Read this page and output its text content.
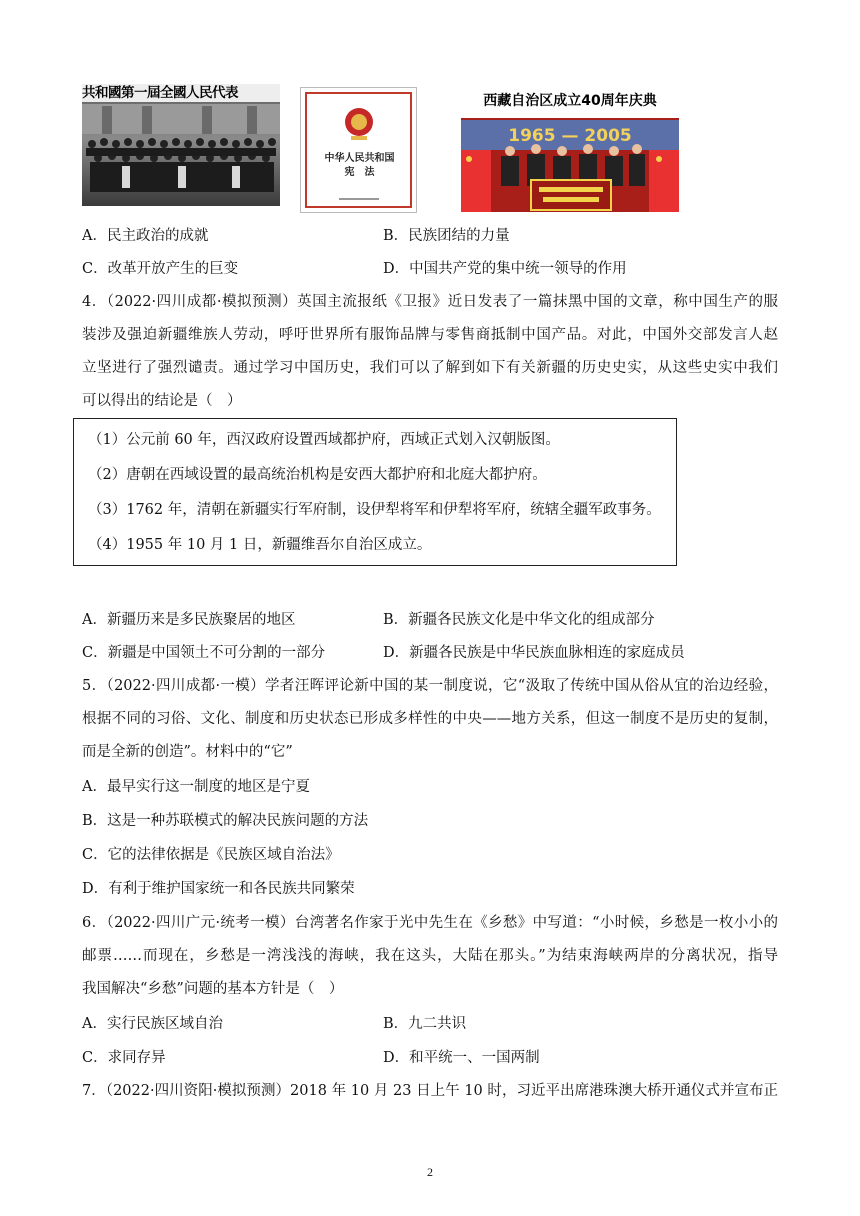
共和國第一屆全國人民代表
中华人民共和国
宪　法
西藏自治区成立40周年庆典
1965 — 2005
A．民主政治的成就	B．民族团结的力量
C．改革开放产生的巨变	D．中国共产党的集中统一领导的作用
4．（2022·四川成都·模拟预测）英国主流报纸《卫报》近日发表了一篇抹黑中国的文章，称中国生产的服
装涉及强迫新疆维族人劳动，呼吁世界所有服饰品牌与零售商抵制中国产品。对此，中国外交部发言人赵
立坚进行了强烈谴责。通过学习中国历史，我们可以了解到如下有关新疆的历史史实，从这些史实中我们
可以得出的结论是（　）
（1）公元前 60 年，西汉政府设置西域都护府，西域正式划入汉朝版图。
（2）唐朝在西域设置的最高统治机构是安西大都护府和北庭大都护府。
（3）1762 年，清朝在新疆实行军府制，设伊犁将军和伊犁将军府，统辖全疆军政事务。
（4）1955 年 10 月 1 日，新疆维吾尔自治区成立。
A．新疆历来是多民族聚居的地区	B．新疆各民族文化是中华文化的组成部分
C．新疆是中国领土不可分割的一部分	D．新疆各民族是中华民族血脉相连的家庭成员
5．（2022·四川成都·一模）学者汪晖评论新中国的某一制度说，它“汲取了传统中国从俗从宜的治边经验，
根据不同的习俗、文化、制度和历史状态已形成多样性的中央——地方关系，但这一制度不是历史的复制，
而是全新的创造”。材料中的“它”
A．最早实行这一制度的地区是宁夏
B．这是一种苏联模式的解决民族问题的方法
C．它的法律依据是《民族区域自治法》
D．有利于维护国家统一和各民族共同繁荣
6．（2022·四川广元·统考一模）台湾著名作家于光中先生在《乡愁》中写道：“小时候，乡愁是一枚小小的
邮票……而现在，乡愁是一湾浅浅的海峡，我在这头，大陆在那头。”为结束海峡两岸的分离状况，指导
我国解决“乡愁”问题的基本方针是（　）
A．实行民族区域自治	B．九二共识
C．求同存异	D．和平统一、一国两制
7．（2022·四川资阳·模拟预测）2018 年 10 月 23 日上午 10 时，习近平出席港珠澳大桥开通仪式并宣布正
2
